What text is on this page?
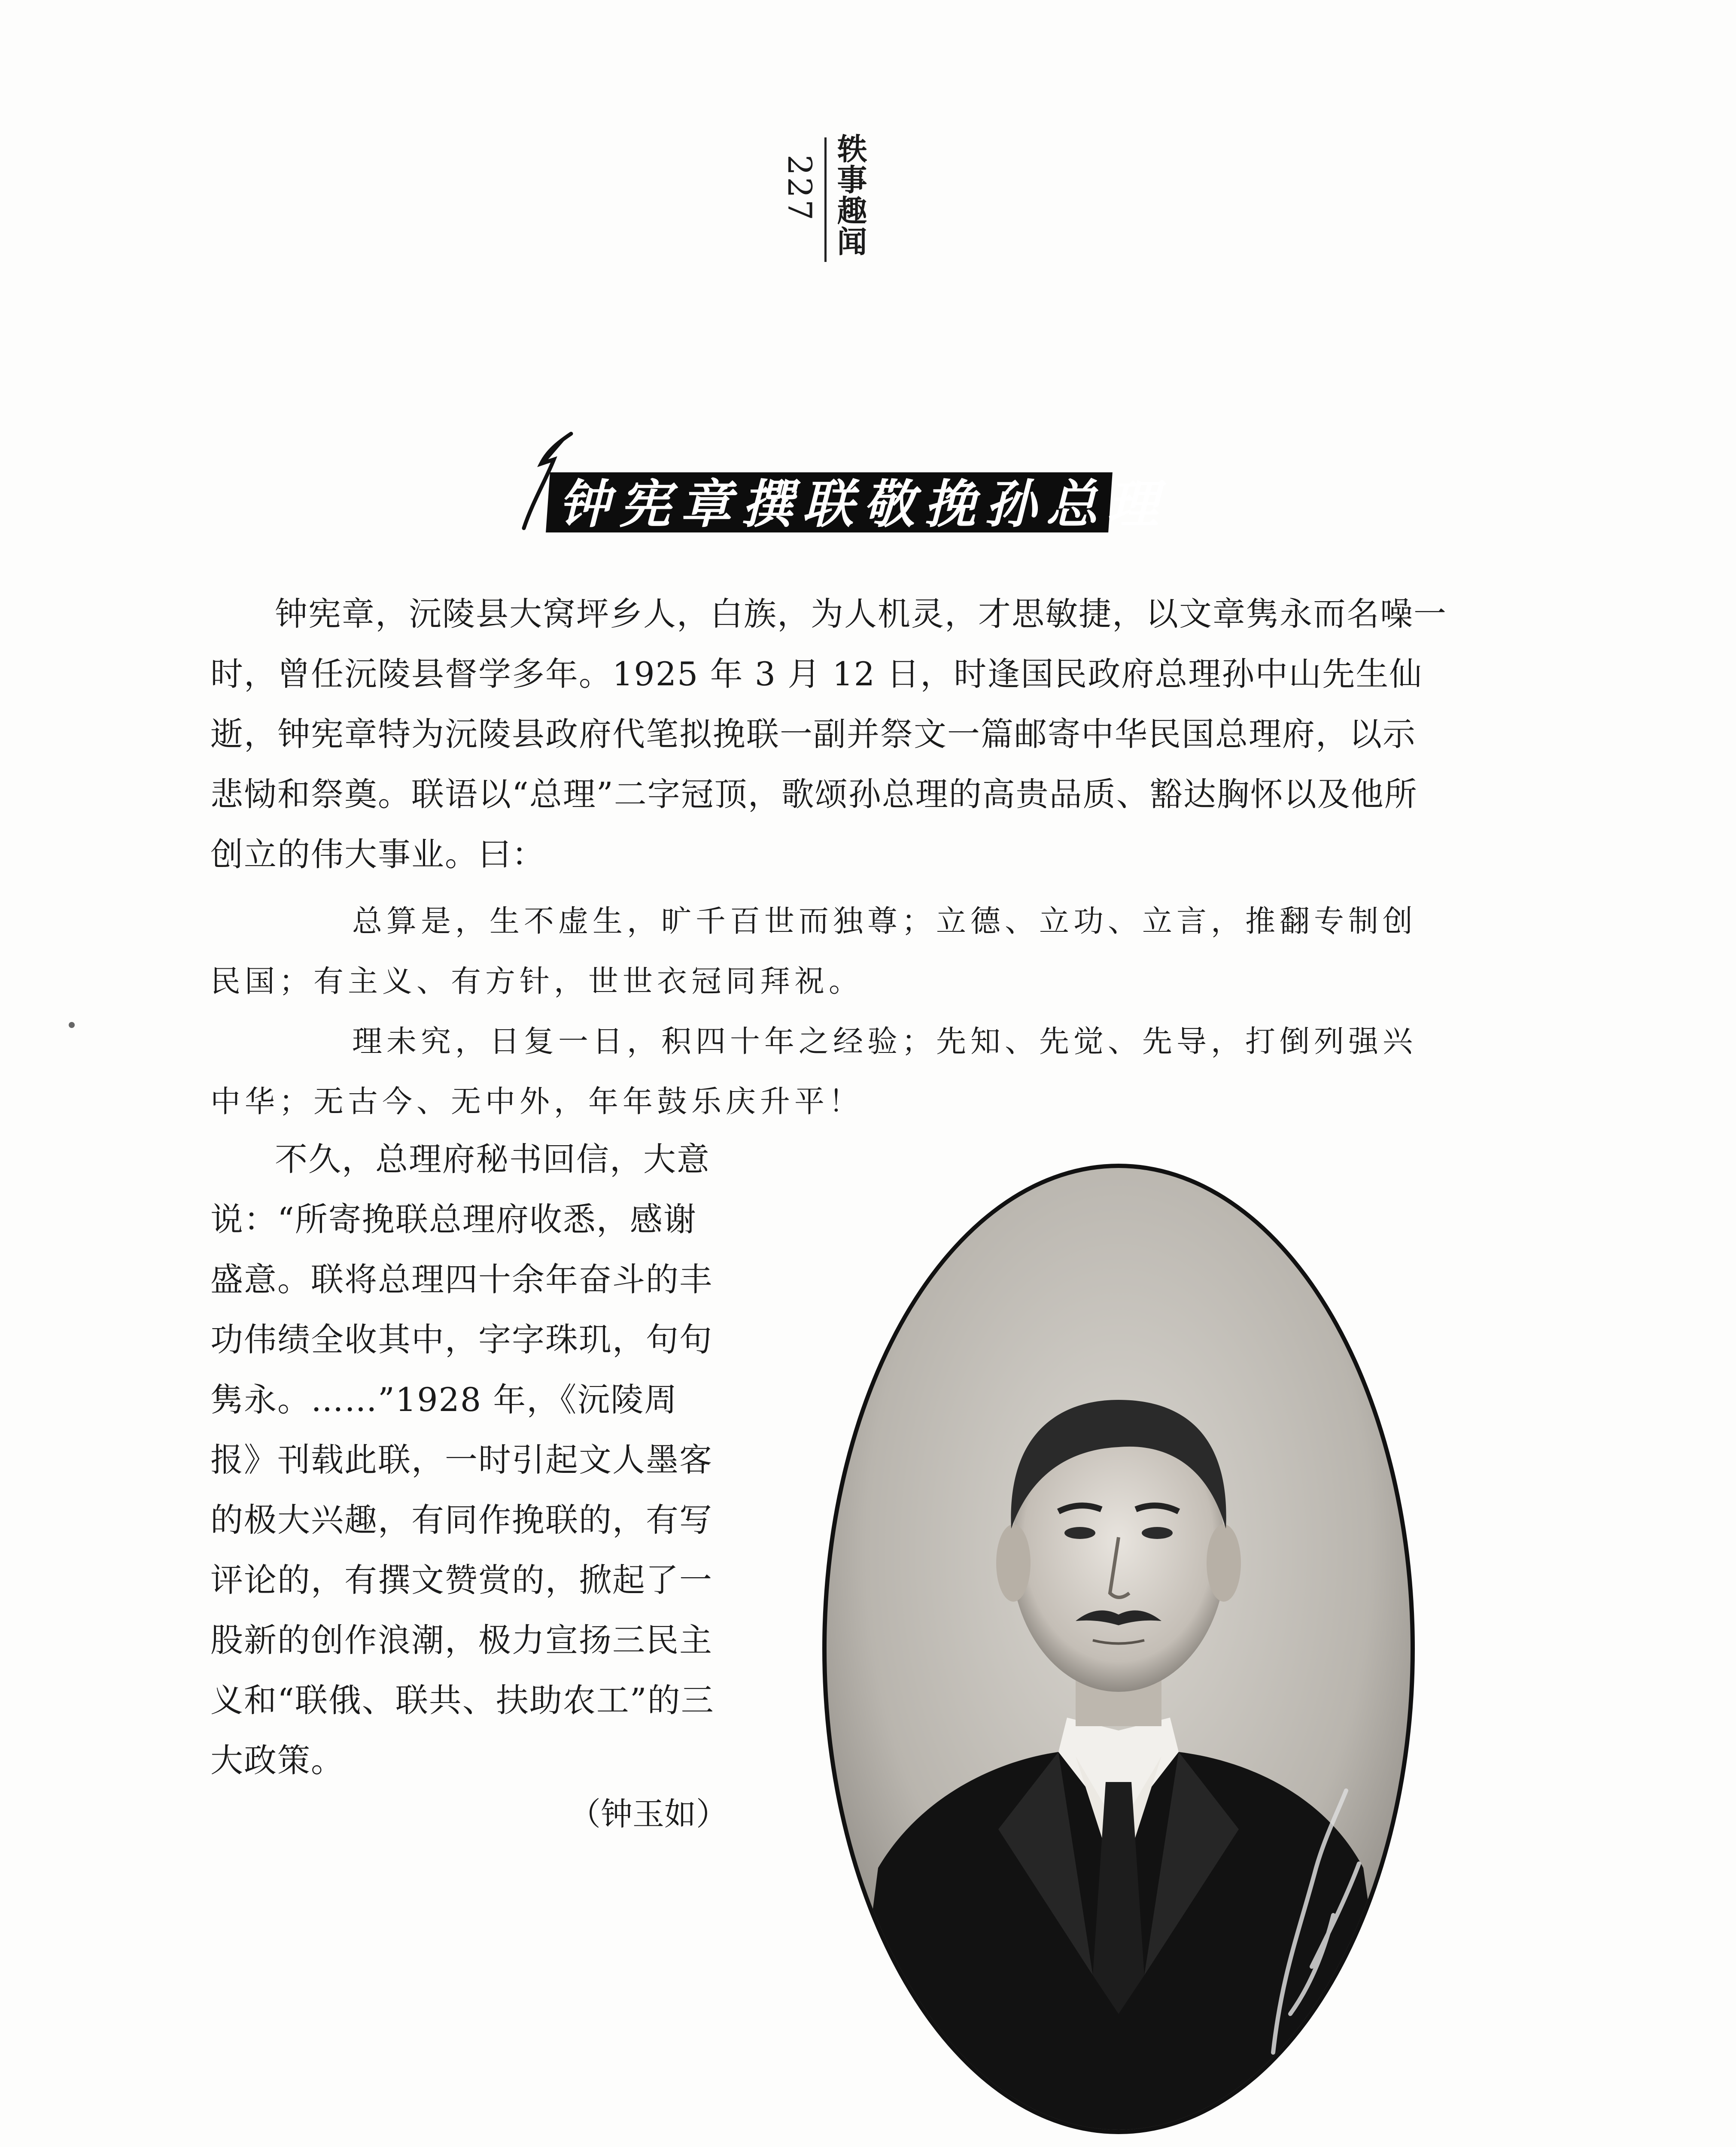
227 轶事趣闻
钟宪章撰联敬挽孙总理

钟宪章，沅陵县大窝坪乡人，白族，为人机灵，才思敏捷，以文章隽永而名噪一时，曾任沅陵县督学多年。1925 年 3 月 12 日，时逢国民政府总理孙中山先生仙逝，钟宪章特为沅陵县政府代笔拟挽联一副并祭文一篇邮寄中华民国总理府，以示悲恸和祭奠。联语以“总理”二字冠顶，歌颂孙总理的高贵品质、豁达胸怀以及他所创立的伟大事业。曰：

总算是，生不虚生，旷千百世而独尊；立德、立功、立言，推翻专制创民国；有主义、有方针，世世衣冠同拜祝。

理未究，日复一日，积四十年之经验；先知、先觉、先导，打倒列强兴中华；无古今、无中外，年年鼓乐庆升平！

不久，总理府秘书回信，大意说：“所寄挽联总理府收悉，感谢盛意。联将总理四十余年奋斗的丰功伟绩全收其中，字字珠玑，句句隽永。……”1928 年，《沅陵周报》刊载此联，一时引起文人墨客的极大兴趣，有同作挽联的，有写评论的，有撰文赞赏的，掀起了一股新的创作浪潮，极力宣扬三民主义和“联俄、联共、扶助农工”的三大政策。

（钟玉如）
